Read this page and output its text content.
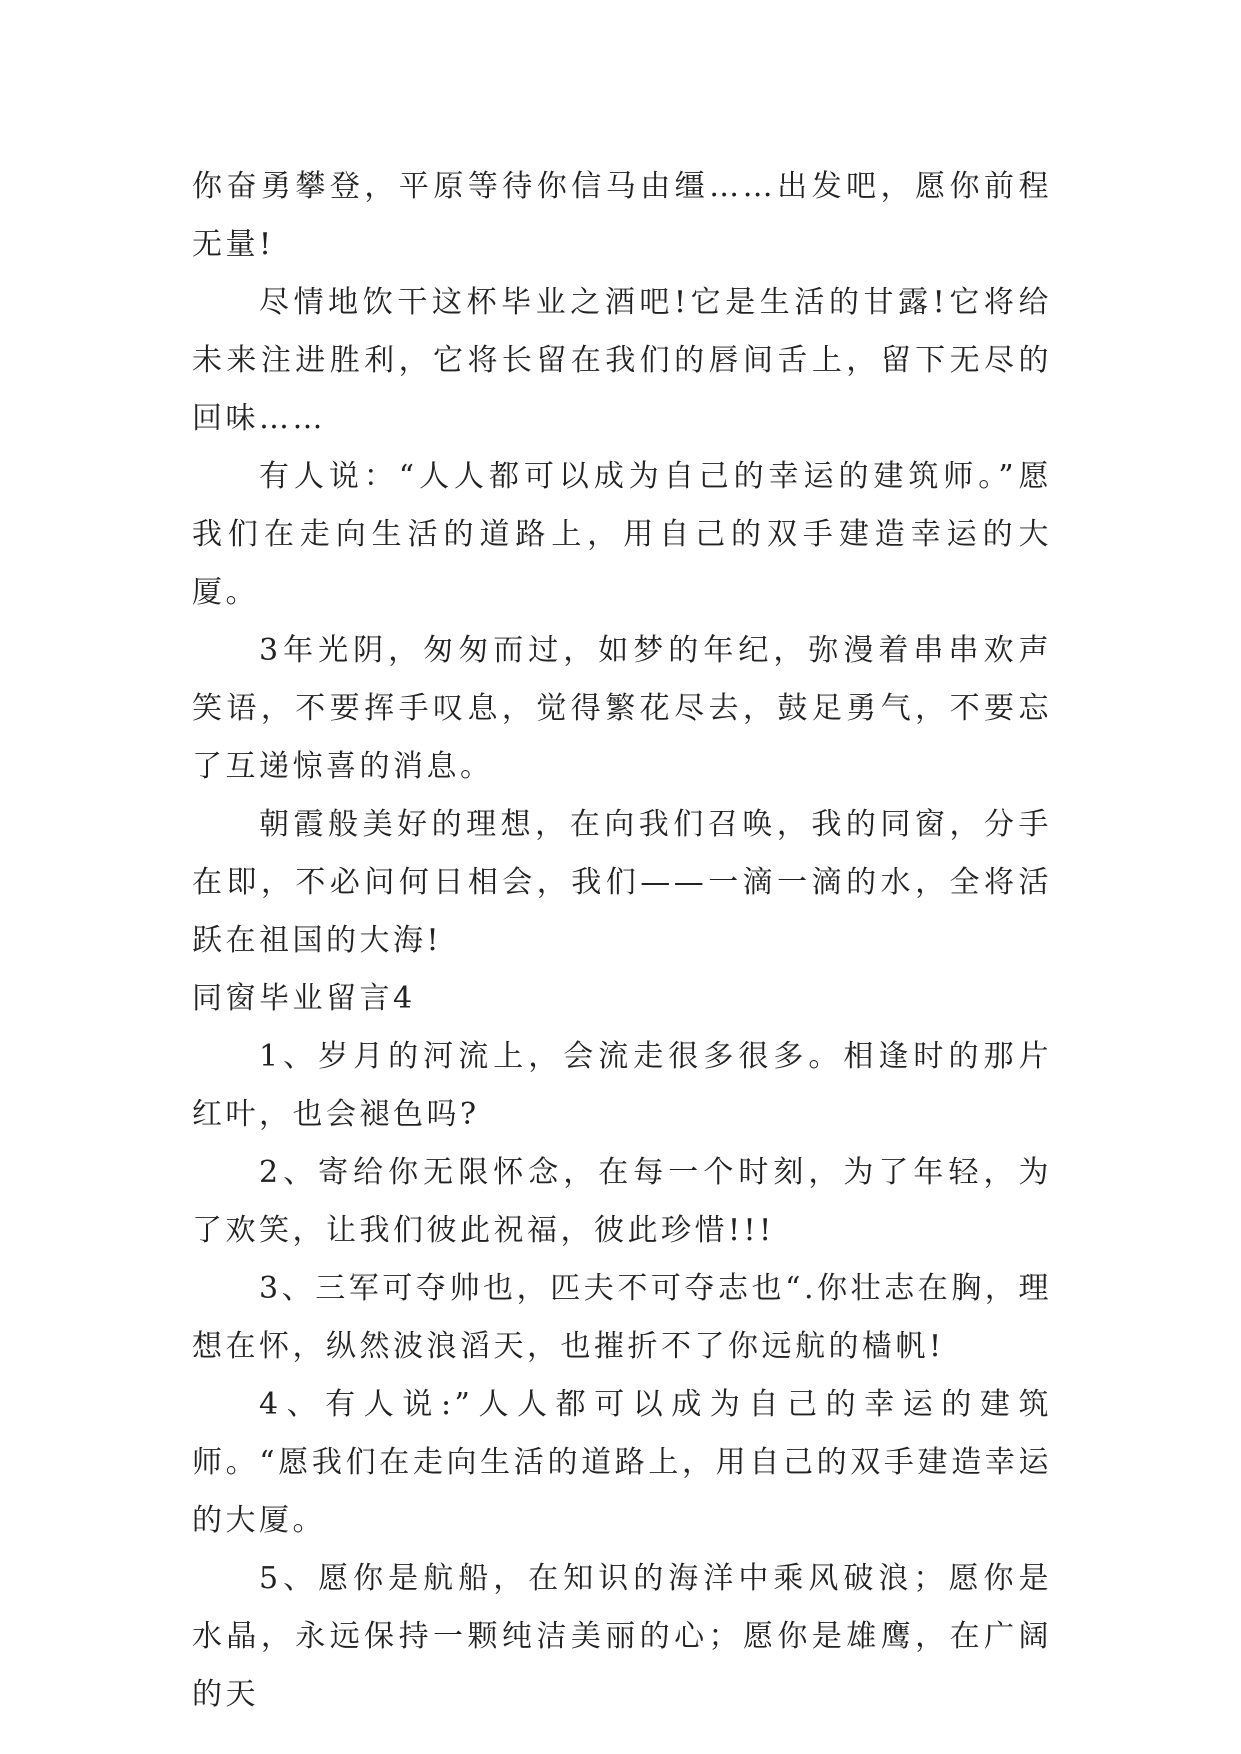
你奋勇攀登，平原等待你信马由缰……出发吧，愿你前程无量!

尽情地饮干这杯毕业之酒吧!它是生活的甘露!它将给未来注进胜利，它将长留在我们的唇间舌上，留下无尽的回味……

有人说：“人人都可以成为自己的幸运的建筑师。”愿我们在走向生活的道路上，用自己的双手建造幸运的大厦。

3年光阴，匆匆而过，如梦的年纪，弥漫着串串欢声笑语，不要挥手叹息，觉得繁花尽去，鼓足勇气，不要忘了互递惊喜的消息。

朝霞般美好的理想，在向我们召唤，我的同窗，分手在即，不必问何日相会，我们——一滴一滴的水，全将活跃在祖国的大海!

同窗毕业留言4

1、岁月的河流上，会流走很多很多。相逢时的那片红叶，也会褪色吗?

2、寄给你无限怀念，在每一个时刻，为了年轻，为了欢笑，让我们彼此祝福，彼此珍惜!!!

3、三军可夺帅也，匹夫不可夺志也“.你壮志在胸，理想在怀，纵然波浪滔天，也摧折不了你远航的樯帆!

4、有人说:”人人都可以成为自己的幸运的建筑师。“愿我们在走向生活的道路上，用自己的双手建造幸运的大厦。

5、愿你是航船，在知识的海洋中乘风破浪；愿你是水晶，永远保持一颗纯洁美丽的心；愿你是雄鹰，在广阔的天
